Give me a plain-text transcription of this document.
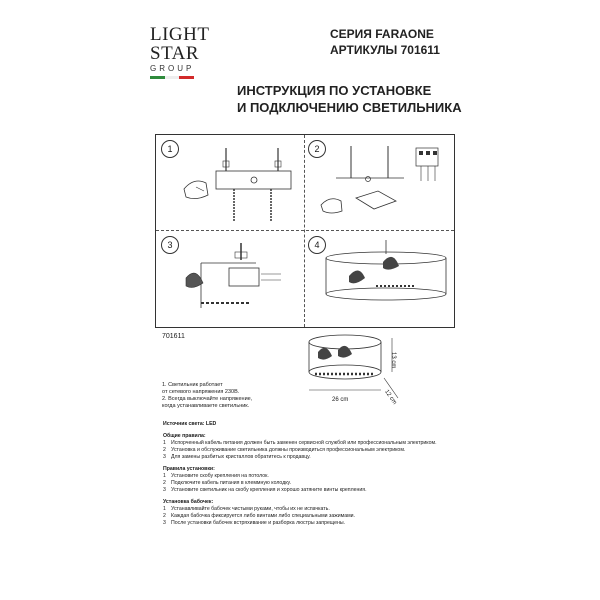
LIGHT
STAR
GROUP
СЕРИЯ FARAONE
АРТИКУЛЫ 701611
ИНСТРУКЦИЯ ПО УСТАНОВКЕ
И ПОДКЛЮЧЕНИЮ СВЕТИЛЬНИКА
1	2
3	4
701611
1. Светильник работает
от сетевого напряжения 230В.
2. Всегда выключайте напряжение,
когда устанавливаете светильник.
13 cm
26 cm	12 cm
Источник света: LED
Общие правила:
1 Испорченный кабель питания должен быть заменен сервисной службой или профессиональным электриком.
2 Установка и обслуживание светильника должны производиться профессиональным электриком.
3 Для замены разбитых кристаллов обратитесь к продавцу.
Правила установки:
1 Установите скобу крепления на потолок.
2 Подключите кабель питания в клеммную колодку.
3 Установите светильник на скобу крепления и хорошо затяните винты крепления.
Установка бабочек:
1 Устанавливайте бабочек чистыми руками, чтобы их не испачкать.
2 Каждая бабочка фиксируется либо винтами либо специальными зажимами.
3 После установки бабочек встряхивание и разборка люстры запрещены.
